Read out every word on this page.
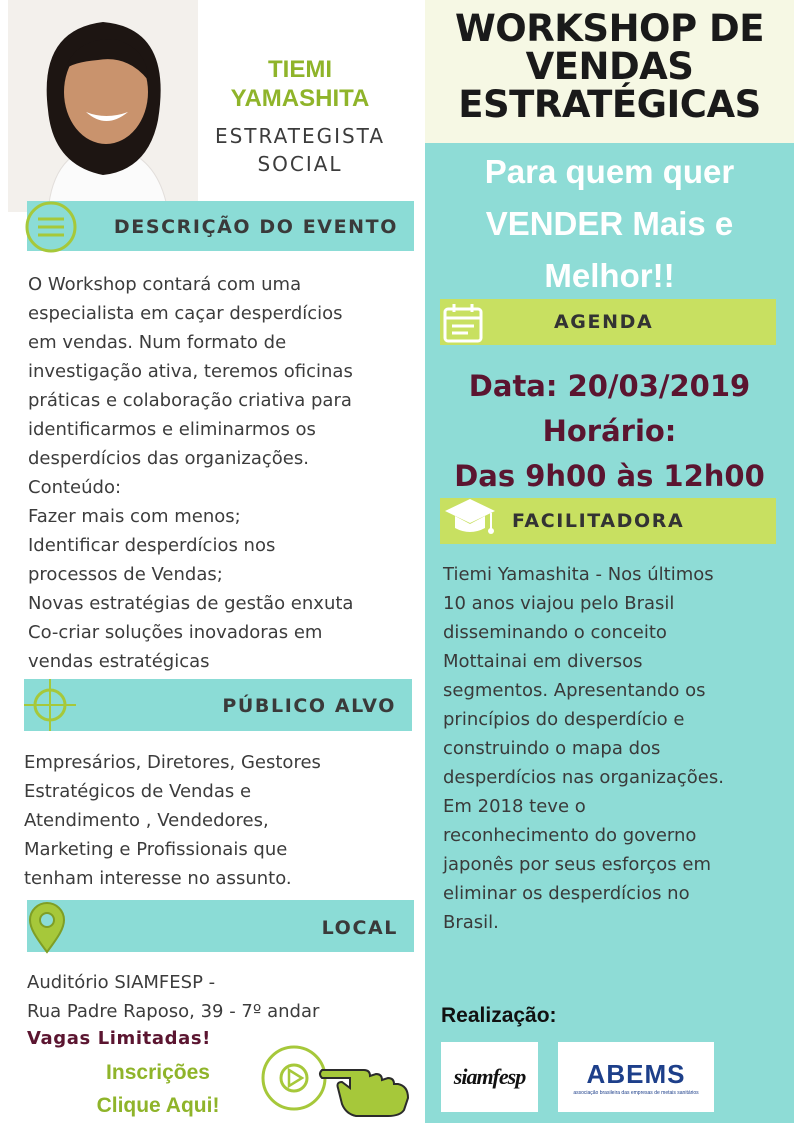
WORKSHOP DE
VENDAS
ESTRATÉGICAS
Para quem quer
VENDER Mais e
Melhor!!
AGENDA
Data: 20/03/2019
Horário:
Das 9h00 às 12h00
FACILITADORA
Tiemi Yamashita - Nos últimos
10 anos viajou pelo Brasil
disseminando o conceito
Mottainai em diversos
segmentos. Apresentando os
princípios do desperdício e
construindo o mapa dos
desperdícios nas organizações.
Em 2018 teve o
reconhecimento do governo
japonês por seus esforços em
eliminar os desperdícios no
Brasil.
Realização:
siamfesp ABEMS
associação brasileira das empresas de metais sanitários
TIEMI
YAMASHITA
ESTRATEGISTA
SOCIAL
DESCRIÇÃO DO EVENTO
O Workshop contará com uma
especialista em caçar desperdícios
em vendas. Num formato de
investigação ativa, teremos oficinas
práticas e colaboração criativa para
identificarmos e eliminarmos os
desperdícios das organizações.
Conteúdo:
Fazer mais com menos;
Identificar desperdícios nos
processos de Vendas;
Novas estratégias de gestão enxuta
Co-criar soluções inovadoras em
vendas estratégicas
PÚBLICO ALVO
Empresários, Diretores, Gestores
Estratégicos de Vendas e
Atendimento , Vendedores,
Marketing e Profissionais que
tenham interesse no assunto.
LOCAL
Auditório SIAMFESP -
Rua Padre Raposo, 39 - 7º andar
Vagas Limitadas!
Inscrições
Clique Aqui!
